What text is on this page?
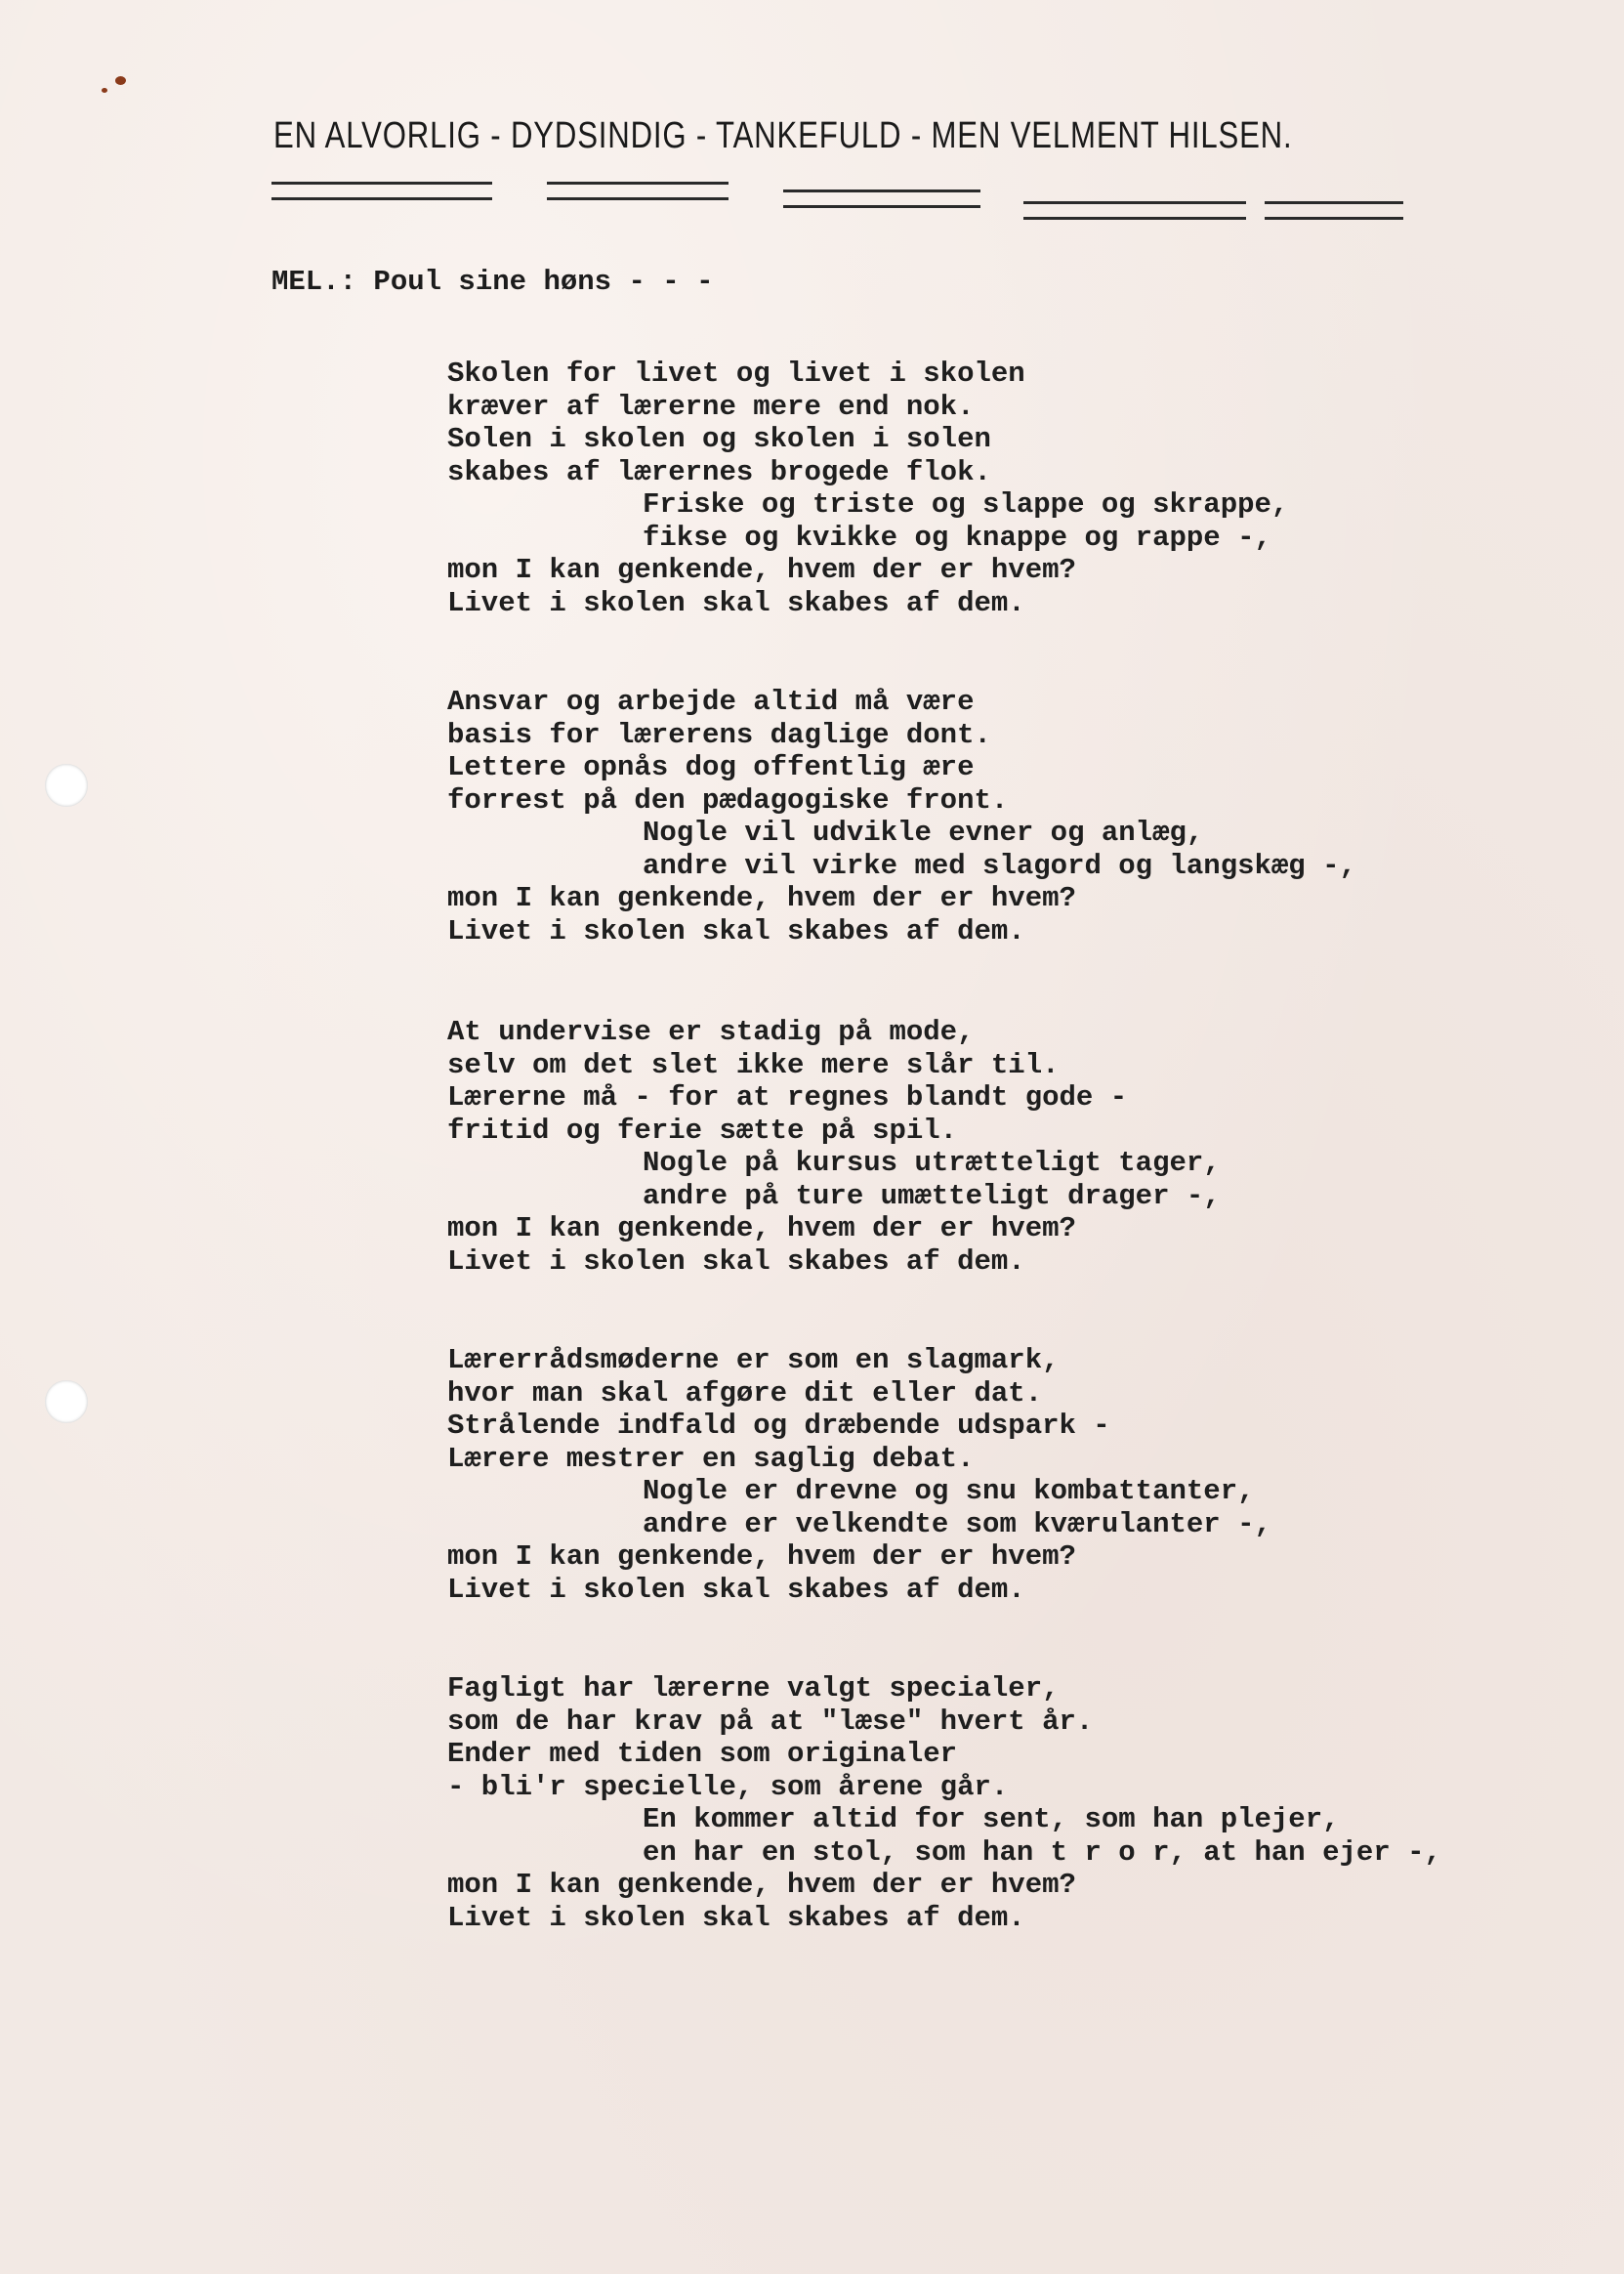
EN ALVORLIG - DYDSINDIG - TANKEFULD - MEN VELMENT HILSEN.
MEL.: Poul sine høns - - -
Skolen for livet og livet i skolen
kræver af lærerne mere end nok.
Solen i skolen og skolen i solen
skabes af lærernes brogede flok.
Friske og triste og slappe og skrappe,
fikse og kvikke og knappe og rappe -,
mon I kan genkende, hvem der er hvem?
Livet i skolen skal skabes af dem.
Ansvar og arbejde altid må være
basis for lærerens daglige dont.
Lettere opnås dog offentlig ære
forrest på den pædagogiske front.
Nogle vil udvikle evner og anlæg,
andre vil virke med slagord og langskæg -,
mon I kan genkende, hvem der er hvem?
Livet i skolen skal skabes af dem.
At undervise er stadig på mode,
selv om det slet ikke mere slår til.
Lærerne må - for at regnes blandt gode -
fritid og ferie sætte på spil.
Nogle på kursus utrætteligt tager,
andre på ture umætteligt drager -,
mon I kan genkende, hvem der er hvem?
Livet i skolen skal skabes af dem.
Lærerrådsmøderne er som en slagmark,
hvor man skal afgøre dit eller dat.
Strålende indfald og dræbende udspark -
Lærere mestrer en saglig debat.
Nogle er drevne og snu kombattanter,
andre er velkendte som kværulanter -,
mon I kan genkende, hvem der er hvem?
Livet i skolen skal skabes af dem.
Fagligt har lærerne valgt specialer,
som de har krav på at "læse" hvert år.
Ender med tiden som originaler
- bli'r specielle, som årene går.
En kommer altid for sent, som han plejer,
en har en stol, som han t r o r, at han ejer -,
mon I kan genkende, hvem der er hvem?
Livet i skolen skal skabes af dem.
